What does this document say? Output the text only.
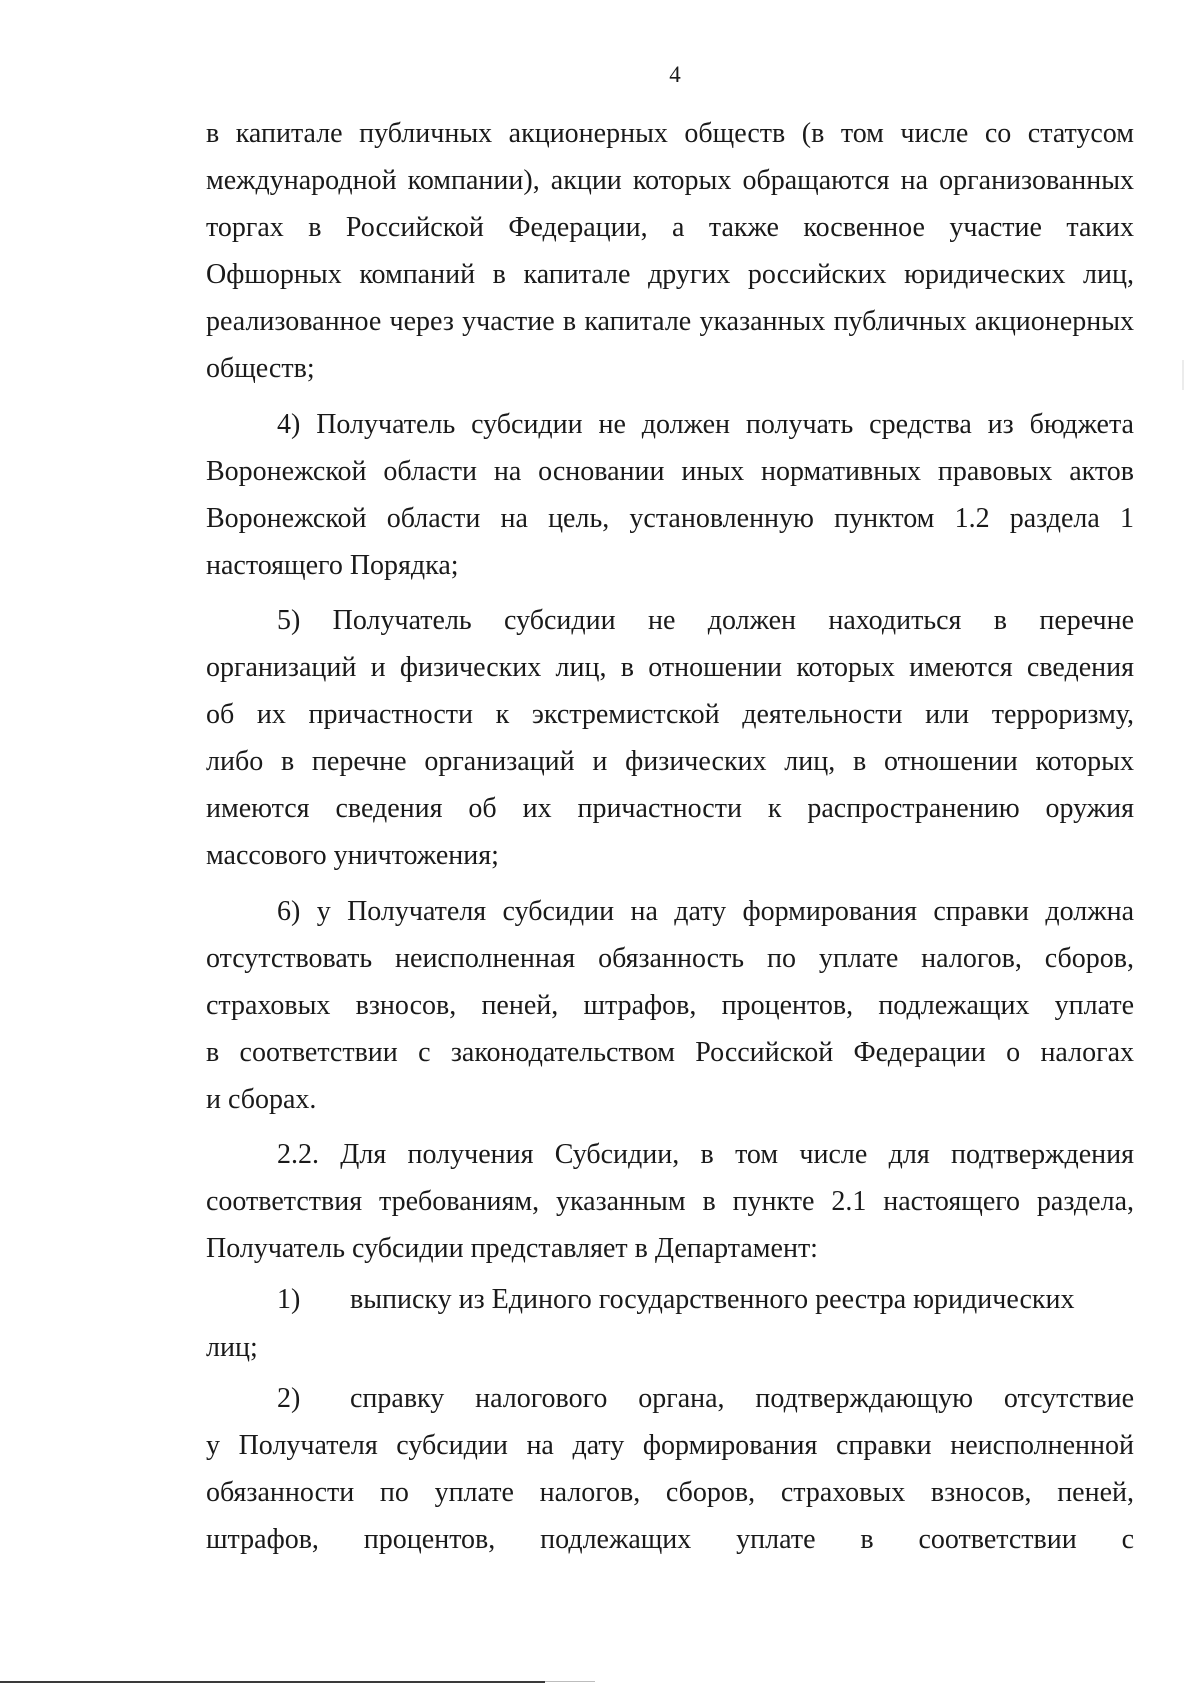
4
в капитале публичных акционерных обществ (в том числе со статусом
международной компании), акции которых обращаются на организованных
торгах в Российской Федерации, а также косвенное участие таких
Офшорных компаний в капитале других российских юридических лиц,
реализованное через участие в капитале указанных публичных акционерных
обществ;
4) Получатель субсидии не должен получать средства из бюджета
Воронежской области на основании иных нормативных правовых актов
Воронежской области на цель, установленную пунктом 1.2 раздела 1
настоящего Порядка;
5) Получатель субсидии не должен находиться в перечне
организаций и физических лиц, в отношении которых имеются сведения
об их причастности к экстремистской деятельности или терроризму,
либо в перечне организаций и физических лиц, в отношении которых
имеются сведения об их причастности к распространению оружия
массового уничтожения;
6) у Получателя субсидии на дату формирования справки должна
отсутствовать неисполненная обязанность по уплате налогов, сборов,
страховых взносов, пеней, штрафов, процентов, подлежащих уплате
в соответствии с законодательством Российской Федерации о налогах
и сборах.
2.2. Для получения Субсидии, в том числе для подтверждения
соответствия требованиям, указанным в пункте 2.1 настоящего раздела,
Получатель субсидии представляет в Департамент:
1) выписку из Единого государственного реестра юридических
лиц;
2) справку налогового органа, подтверждающую отсутствие
у Получателя субсидии на дату формирования справки неисполненной
обязанности по уплате налогов, сборов, страховых взносов, пеней,
штрафов, процентов, подлежащих уплате в соответствии с
